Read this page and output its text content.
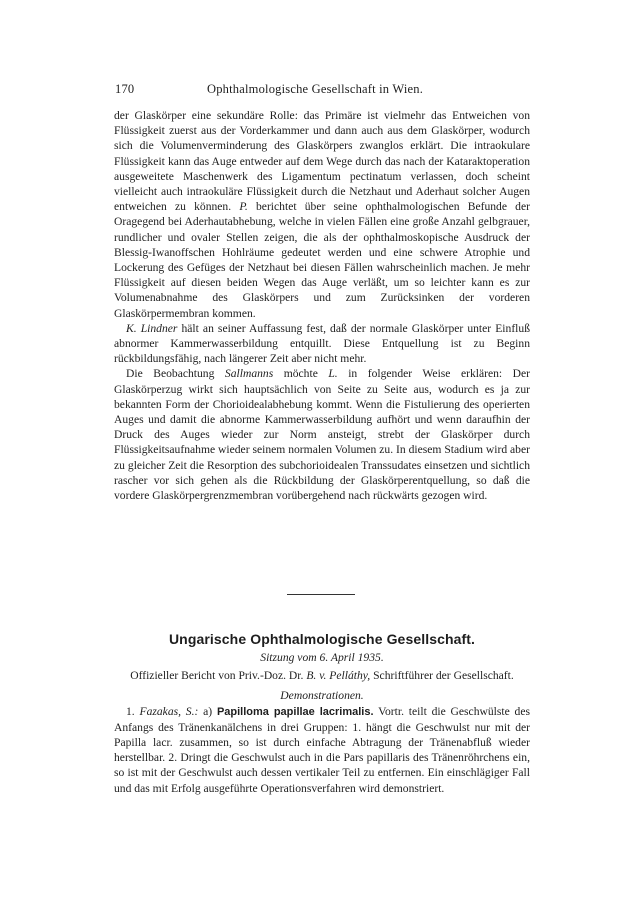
170	Ophthalmologische Gesellschaft in Wien.

der Glaskörper eine sekundäre Rolle: das Primäre ist vielmehr das Entweichen von Flüssigkeit zuerst aus der Vorderkammer und dann auch aus dem Glaskörper, wodurch sich die Volumenverminderung des Glaskörpers zwanglos erklärt. Die intraokulare Flüssigkeit kann das Auge entweder auf dem Wege durch das nach der Kataraktoperation ausgeweitete Maschenwerk des Ligamentum pectinatum verlassen, doch scheint vielleicht auch intraokuläre Flüssigkeit durch die Netzhaut und Aderhaut solcher Augen entweichen zu können. P. berichtet über seine ophthalmologischen Befunde der Oragegend bei Aderhautabhebung, welche in vielen Fällen eine große Anzahl gelbgrauer, rundlicher und ovaler Stellen zeigen, die als der ophthalmoskopische Ausdruck der Blessig-Iwanoffschen Hohlräume gedeutet werden und eine schwere Atrophie und Lockerung des Gefüges der Netzhaut bei diesen Fällen wahrscheinlich machen. Je mehr Flüssigkeit auf diesen beiden Wegen das Auge verläßt, um so leichter kann es zur Volumenabnahme des Glaskörpers und zum Zurücksinken der vorderen Glaskörpermembran kommen.

K. Lindner hält an seiner Auffassung fest, daß der normale Glaskörper unter Einfluß abnormer Kammerwasserbildung entquillt. Diese Entquellung ist zu Beginn rückbildungsfähig, nach längerer Zeit aber nicht mehr.

Die Beobachtung Sallmanns möchte L. in folgender Weise erklären: Der Glaskörperzug wirkt sich hauptsächlich von Seite zu Seite aus, wodurch es ja zur bekannten Form der Chorioidealabhebung kommt. Wenn die Fistulierung des operierten Auges und damit die abnorme Kammerwasserbildung aufhört und wenn daraufhin der Druck des Auges wieder zur Norm ansteigt, strebt der Glaskörper durch Flüssigkeitsaufnahme wieder seinem normalen Volumen zu. In diesem Stadium wird aber zu gleicher Zeit die Resorption des subchorioidealen Transsudates einsetzen und sichtlich rascher vor sich gehen als die Rückbildung der Glaskörperentquellung, so daß die vordere Glaskörpergrenzmembran vorübergehend nach rückwärts gezogen wird.

Ungarische Ophthalmologische Gesellschaft.
Sitzung vom 6. April 1935.
Offizieller Bericht von Priv.-Doz. Dr. B. v. Pelláthy, Schriftführer der Gesellschaft.
Demonstrationen.
1. Fazakas, S.: a) Papilloma papillae lacrimalis. Vortr. teilt die Geschwülste des Anfangs des Tränenkanälchens in drei Gruppen: 1. hängt die Geschwulst nur mit der Papilla lacr. zusammen, so ist durch einfache Abtragung der Tränenabfluß wieder herstellbar. 2. Dringt die Geschwulst auch in die Pars papillaris des Tränenröhrchens ein, so ist mit der Geschwulst auch dessen vertikaler Teil zu entfernen. Ein einschlägiger Fall und das mit Erfolg ausgeführte Operationsverfahren wird demonstriert.
